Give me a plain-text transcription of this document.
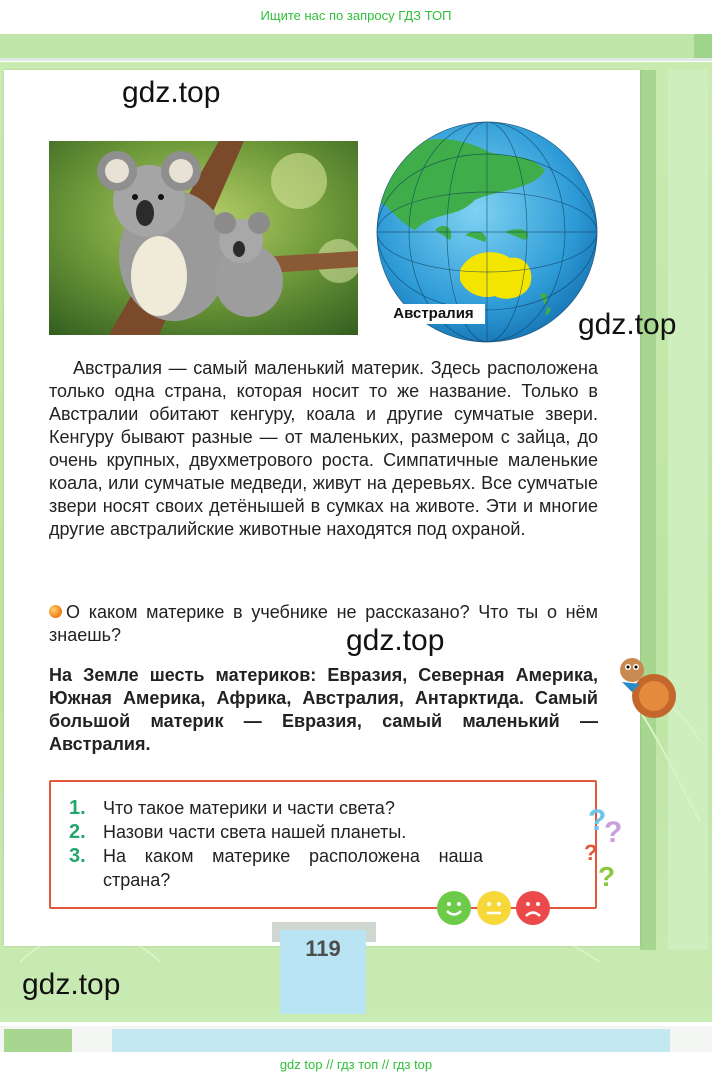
Ищите нас по запросу ГДЗ ТОП
gdz.top
gdz.top
gdz.top
gdz.top
Австралия
Австралия — самый маленький материк. Здесь расположена только одна страна, которая носит то же название. Только в Австралии обитают кенгуру, коала и другие сумчатые звери. Кенгуру бывают разные — от маленьких, размером с зайца, до очень крупных, двухметрового роста. Симпатичные маленькие коала, или сумчатые медведи, живут на деревьях. Все сумчатые звери носят своих детёнышей в сумках на животе. Эти и многие другие австралийские животные находятся под охраной.
О каком материке в учебнике не рассказано? Что ты о нём знаешь?
На Земле шесть материков: Евразия, Северная Америка, Южная Америка, Африка, Австралия, Антарктида. Самый большой материк — Евразия, самый маленький — Австралия.
1. Что такое материки и части света?
2. Назови части света нашей планеты.
3. На каком материке расположена наша страна?
?
?
?
?
119
gdz top // гдз топ // гдз top
